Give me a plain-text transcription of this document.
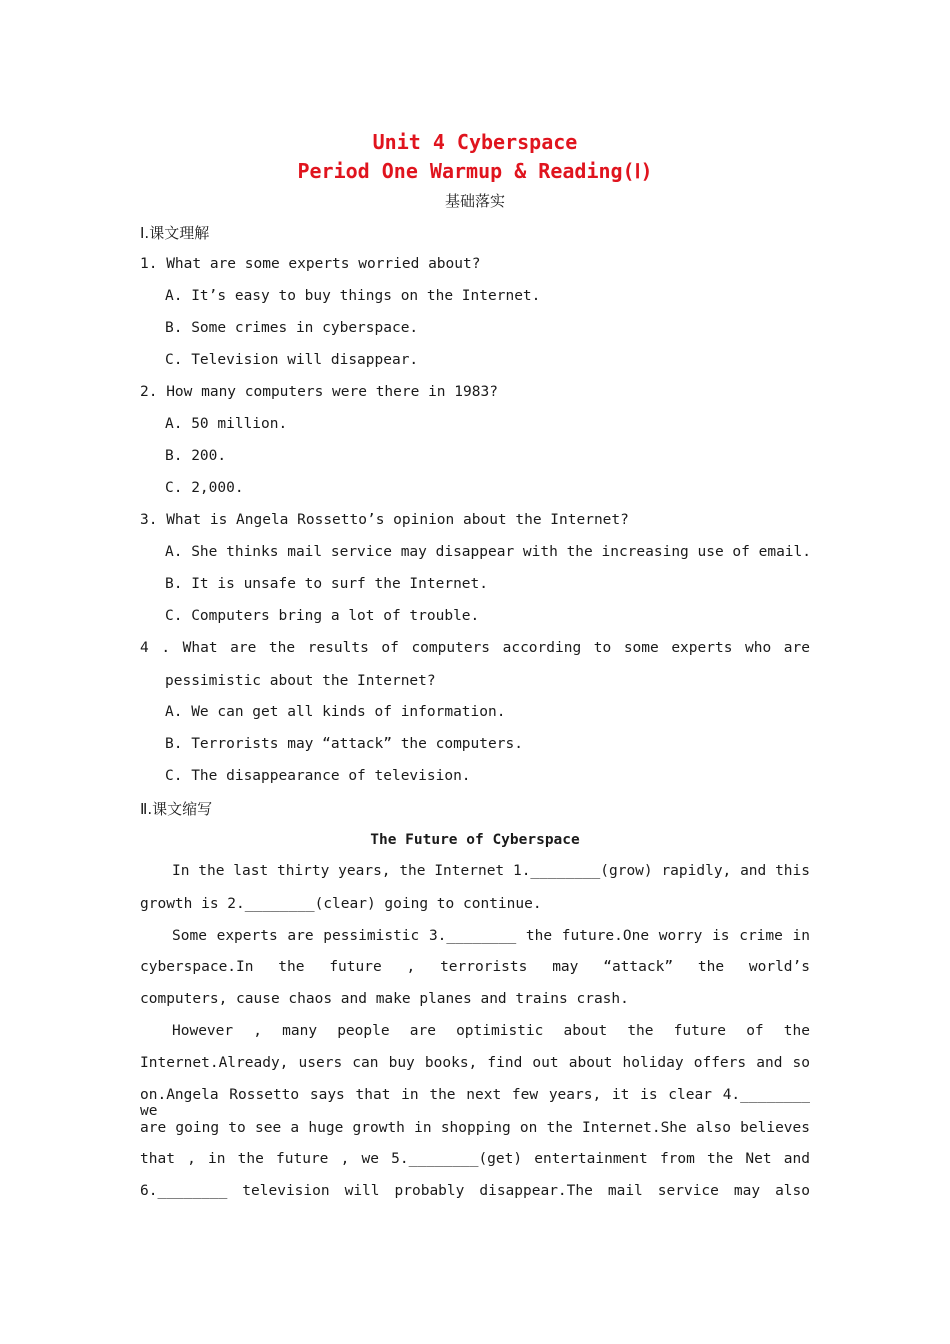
Unit 4 Cyberspace
Period One Warmup & Reading(Ⅰ)
基础落实
Ⅰ.课文理解
1. What are some experts worried about?
A. It’s easy to buy things on the Internet.
B. Some crimes in cyberspace.
C. Television will disappear.
2. How many computers were there in 1983?
A. 50 million.
B. 200.
C. 2,000.
3. What is Angela Rossetto’s opinion about the Internet?
A. She thinks mail service may disappear with the increasing use of email.
B. It is unsafe to surf the Internet.
C. Computers bring a lot of trouble.
4 . What are the results of computers according to some experts who are
pessimistic about the Internet?
A. We can get all kinds of information.
B. Terrorists may “attack” the computers.
C. The disappearance of television.
Ⅱ.课文缩写
The Future of Cyberspace
In the last thirty years, the Internet 1.________(grow) rapidly, and this
growth is 2.________(clear) going to continue.
Some experts are pessimistic 3.________ the future.One worry is crime in
cyberspace.In the future , terrorists may “attack” the world’s
computers, cause chaos and make planes and trains crash.
However , many people are optimistic about the future of the
Internet.Already, users can buy books, find out about holiday offers and so
on.Angela Rossetto says that in the next few years, it is clear 4.________ we
are going to see a huge growth in shopping on the Internet.She also believes
that , in the future , we 5.________(get) entertainment from the Net and
6.________ television will probably disappear.The mail service may also
